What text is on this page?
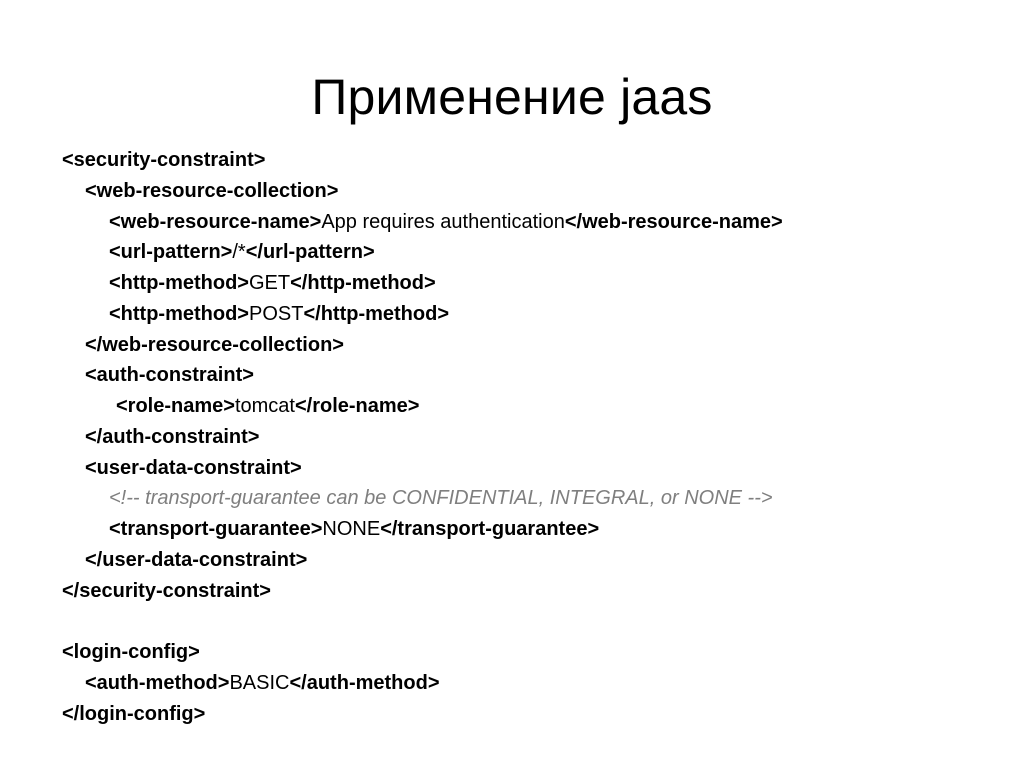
Применение jaas
<security-constraint>
<web-resource-collection>
<web-resource-name>App requires authentication</web-resource-name>
<url-pattern>/*</url-pattern>
<http-method>GET</http-method>
<http-method>POST</http-method>
</web-resource-collection>
<auth-constraint>
<role-name>tomcat</role-name>
</auth-constraint>
<user-data-constraint>
<!-- transport-guarantee can be CONFIDENTIAL, INTEGRAL, or NONE -->
<transport-guarantee>NONE</transport-guarantee>
</user-data-constraint>
</security-constraint>
<login-config>
<auth-method>BASIC</auth-method>
</login-config>
